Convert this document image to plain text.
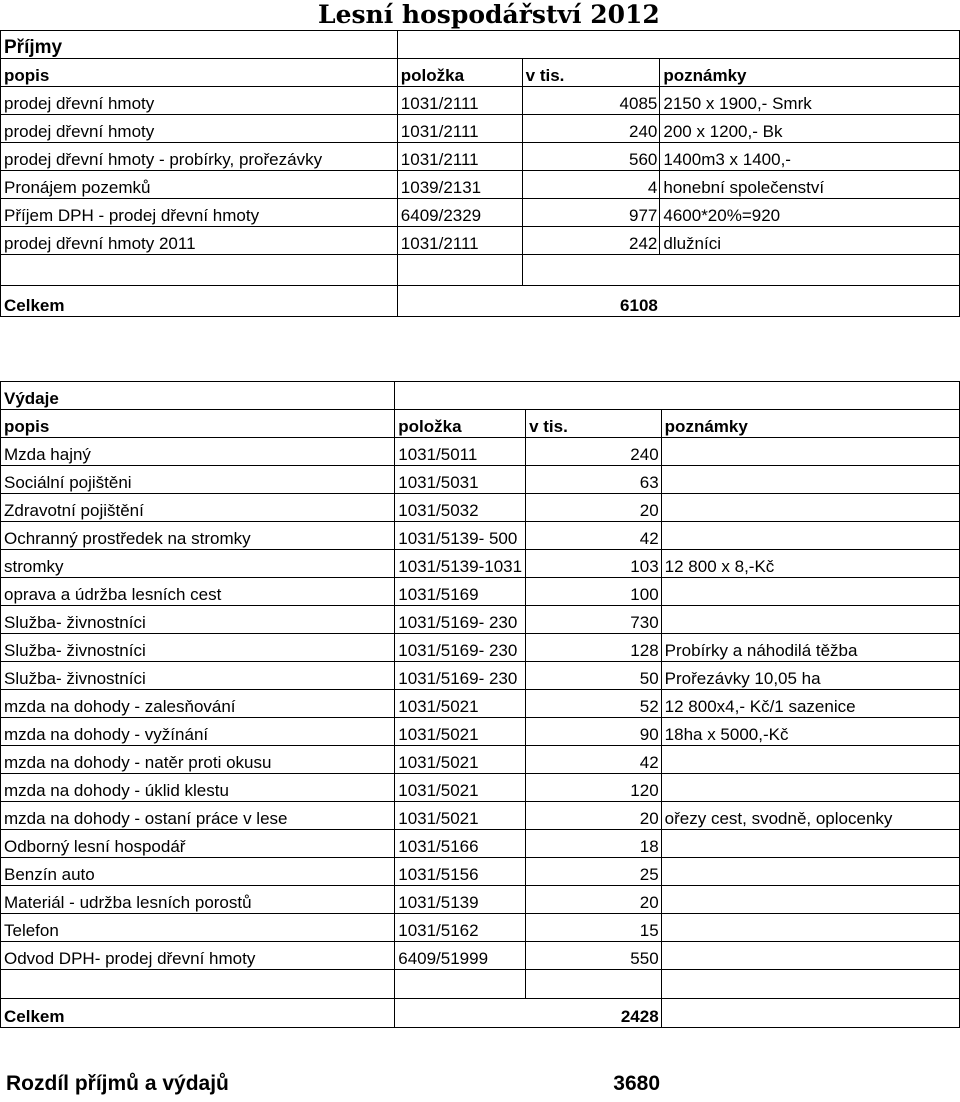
Lesní hospodářství 2012
Příjmy			
popis	položka	v tis.	poznámky
prodej dřevní hmoty	1031/2111	4085	2150 x 1900,- Smrk
prodej dřevní hmoty	1031/2111	240	200 x 1200,- Bk
prodej dřevní hmoty - probírky, prořezávky	1031/2111	560	1400m3 x 1400,-
Pronájem pozemků	1039/2131	4	honební společenství
Příjem DPH - prodej dřevní hmoty	6409/2329	977	4600*20%=920
prodej dřevní hmoty 2011	1031/2111	242	dlužníci

Celkem	6108		
Výdaje			
popis	položka	v tis.	poznámky
Mzda hajný	1031/5011	240	
Sociální pojištěni	1031/5031	63	
Zdravotní pojištění	1031/5032	20	
Ochranný prostředek na stromky	1031/5139- 500	42	
stromky	1031/5139-1031	103	12 800 x 8,-Kč
oprava a údržba lesních cest	1031/5169	100	
Služba- živnostníci	1031/5169- 230	730	
Služba- živnostníci	1031/5169- 230	128	Probírky a náhodilá těžba
Služba- živnostníci	1031/5169- 230	50	Prořezávky 10,05 ha
mzda na dohody - zalesňování	1031/5021	52	12 800x4,- Kč/1 sazenice
mzda na dohody - vyžínání	1031/5021	90	18ha x 5000,-Kč
mzda na dohody - natěr proti okusu	1031/5021	42	
mzda na dohody - úklid klestu	1031/5021	120	
mzda na dohody - ostaní práce v lese	1031/5021	20	ořezy cest, svodně, oplocenky
Odborný lesní hospodář	1031/5166	18	
Benzín auto	1031/5156	25	
Materiál - udržba lesních porostů	1031/5139	20	
Telefon	1031/5162	15	
Odvod DPH- prodej dřevní hmoty	6409/51999	550	

Celkem		2428	
Rozdíl příjmů a výdajů	3680
